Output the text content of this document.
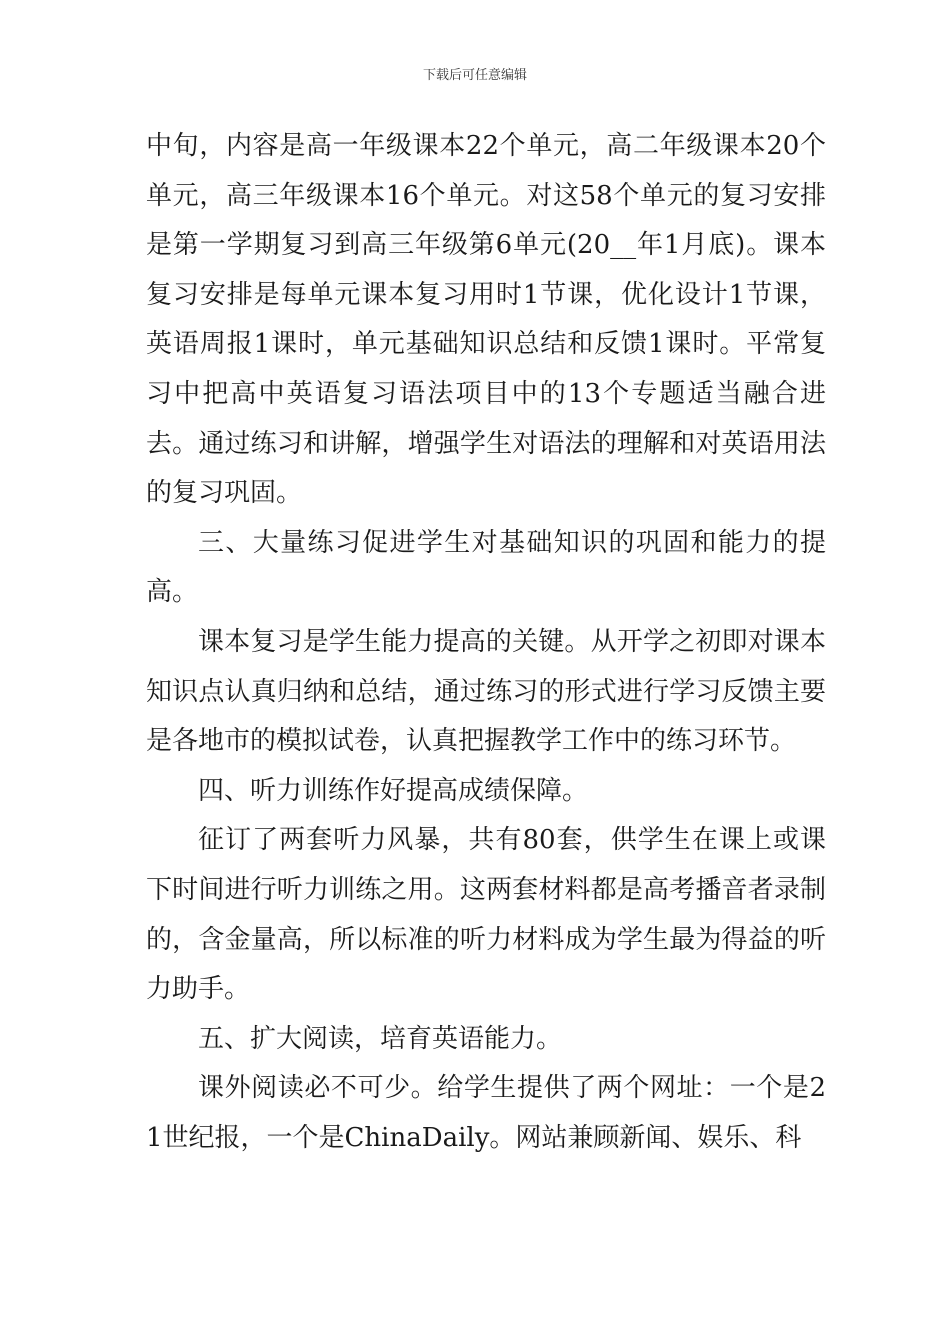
下载后可任意编辑

中旬，内容是高一年级课本22个单元，高二年级课本20个单元，高三年级课本16个单元。对这58个单元的复习安排是第一学期复习到高三年级第6单元(20__年1月底)。课本复习安排是每单元课本复习用时1节课，优化设计1节课，英语周报1课时，单元基础知识总结和反馈1课时。平常复习中把高中英语复习语法项目中的13个专题适当融合进去。通过练习和讲解，增强学生对语法的理解和对英语用法的复习巩固。

三、大量练习促进学生对基础知识的巩固和能力的提高。

课本复习是学生能力提高的关键。从开学之初即对课本知识点认真归纳和总结，通过练习的形式进行学习反馈主要是各地市的模拟试卷，认真把握教学工作中的练习环节。

四、听力训练作好提高成绩保障。

征订了两套听力风暴，共有80套，供学生在课上或课下时间进行听力训练之用。这两套材料都是高考播音者录制的，含金量高，所以标准的听力材料成为学生最为得益的听力助手。

五、扩大阅读，培育英语能力。

课外阅读必不可少。给学生提供了两个网址：一个是21世纪报，一个是ChinaDaily。网站兼顾新闻、娱乐、科
